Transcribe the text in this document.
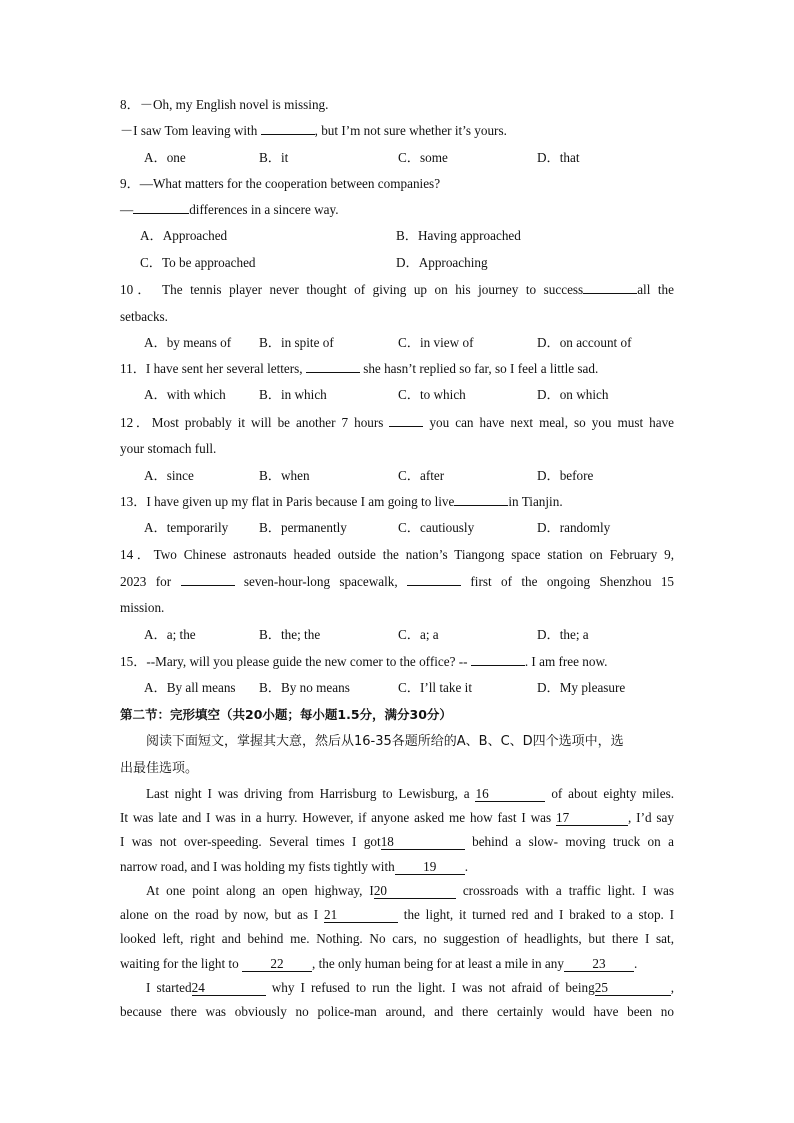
8．－Oh, my English novel is missing.
－I saw Tom leaving with	, but I’m not sure whether it’s yours.
A．one	B．it	C．some	D．that
9．—What matters for the cooperation between companies?
—	differences in a sincere way.
A．Approached	B．Having approached
C．To be approached	D．Approaching
10． The tennis player never thought of giving up on his journey to success	all the
setbacks.
A．by means of	B．in spite of	C．in view of	D．on account of
11．I have sent her several letters,	she hasn’t replied so far, so I feel a little sad.
A．with which	B．in which	C．to which	D．on which
12．Most probably it will be another 7 hours	you can have next meal, so you must have
your stomach full.
A．since	B．when	C．after	D．before
13．I have given up my flat in Paris because I am going to live	in Tianjin.
A．temporarily	B．permanently	C．cautiously	D．randomly
14．Two Chinese astronauts headed outside the nation’s Tiangong space station on February 9,
2023 for	seven-hour-long spacewalk,	first of the ongoing Shenzhou 15
mission.
A．a; the	B．the; the	C．a; a	D．the; a
15．--Mary, will you please guide the new comer to the office? --	. I am free now.
A．By all means	B．By no means	C．I’ll take it	D．My pleasure
第二节：完形填空（共20小题；每小题1.5分，满分30分）
阅读下面短文，掌握其大意，然后从16-35各题所给的A、B、C、D四个选项中，选
出最佳选项。
Last night I was driving from Harrisburg to Lewisburg, a 16	of about eighty miles.
It was late and I was in a hurry. However, if anyone asked me how fast I was 17	, I’d say
I was not over-speeding. Several times I got18	behind a slow- moving truck on a
narrow road, and I was holding my fists tightly with 19 .
At one point along an open highway, I20	crossroads with a traffic light. I was
alone on the road by now, but as I 21	the light, it turned red and I braked to a stop. I
looked left, right and behind me. Nothing. No cars, no suggestion of headlights, but there I sat,
waiting for the light to 22 , the only human being for at least a mile in any 23 .
I started24	why I refused to run the light. I was not afraid of being25	,
because there was obviously no police-man around, and there certainly would have been no
